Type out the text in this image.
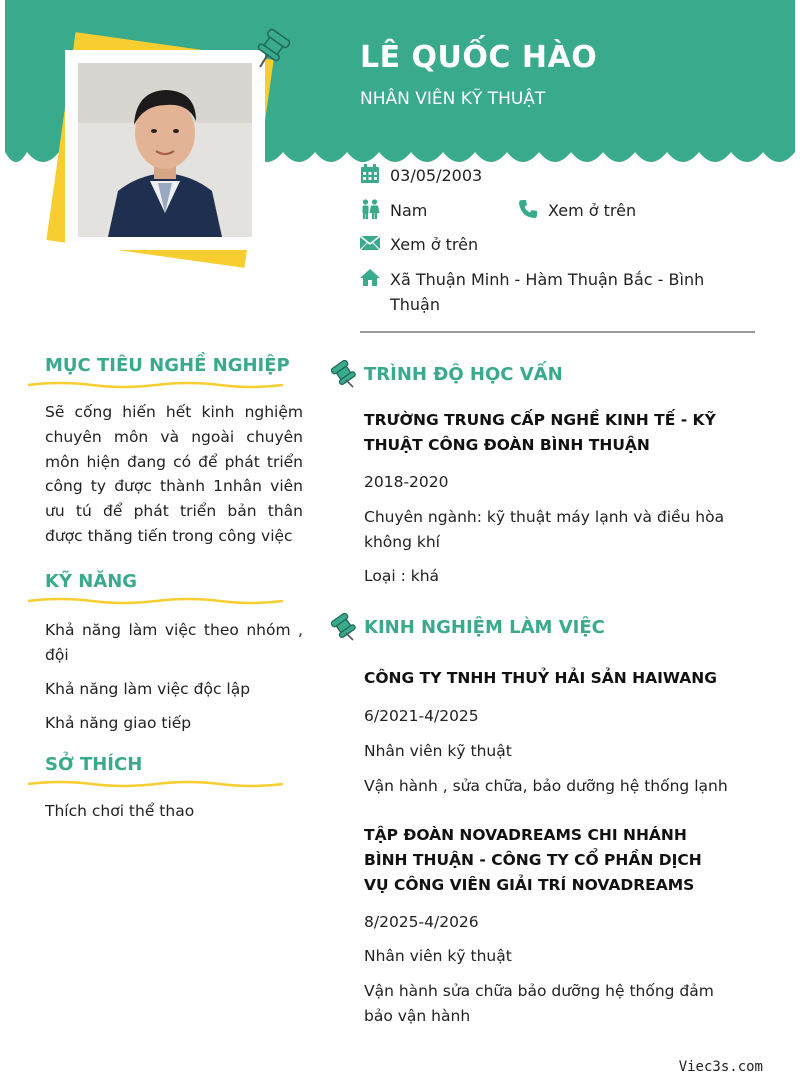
LÊ QUỐC HÀO
NHÂN VIÊN KỸ THUẬT
03/05/2003
Nam	Xem ở trên
Xem ở trên
Xã Thuận Minh - Hàm Thuận Bắc - Bình Thuận
MỤC TIÊU NGHỀ NGHIỆP
Sẽ cống hiến hết kinh nghiệm chuyên môn và ngoài chuyên môn hiện đang có để phát triển công ty được thành 1nhân viên ưu tú để phát triển bản thân được thăng tiến trong công việc
KỸ NĂNG
Khả năng làm việc theo nhóm , đội
Khả năng làm việc độc lập
Khả năng giao tiếp
SỞ THÍCH
Thích chơi thể thao
TRÌNH ĐỘ HỌC VẤN
TRƯỜNG TRUNG CẤP NGHỀ KINH TẾ - KỸ THUẬT CÔNG ĐOÀN BÌNH THUẬN
2018-2020
Chuyên ngành: kỹ thuật máy lạnh và điều hòa không khí
Loại : khá
KINH NGHIỆM LÀM VIỆC
CÔNG TY TNHH THUỶ HẢI SẢN HAIWANG
6/2021-4/2025
Nhân viên kỹ thuật
Vận hành , sửa chữa, bảo dưỡng hệ thống lạnh
TẬP ĐOÀN NOVADREAMS CHI NHÁNH BÌNH THUẬN - CÔNG TY CỔ PHẦN DỊCH VỤ CÔNG VIÊN GIẢI TRÍ NOVADREAMS
8/2025-4/2026
Nhân viên kỹ thuật
Vận hành sửa chữa bảo dưỡng hệ thống đảm bảo vận hành
Viec3s.com
